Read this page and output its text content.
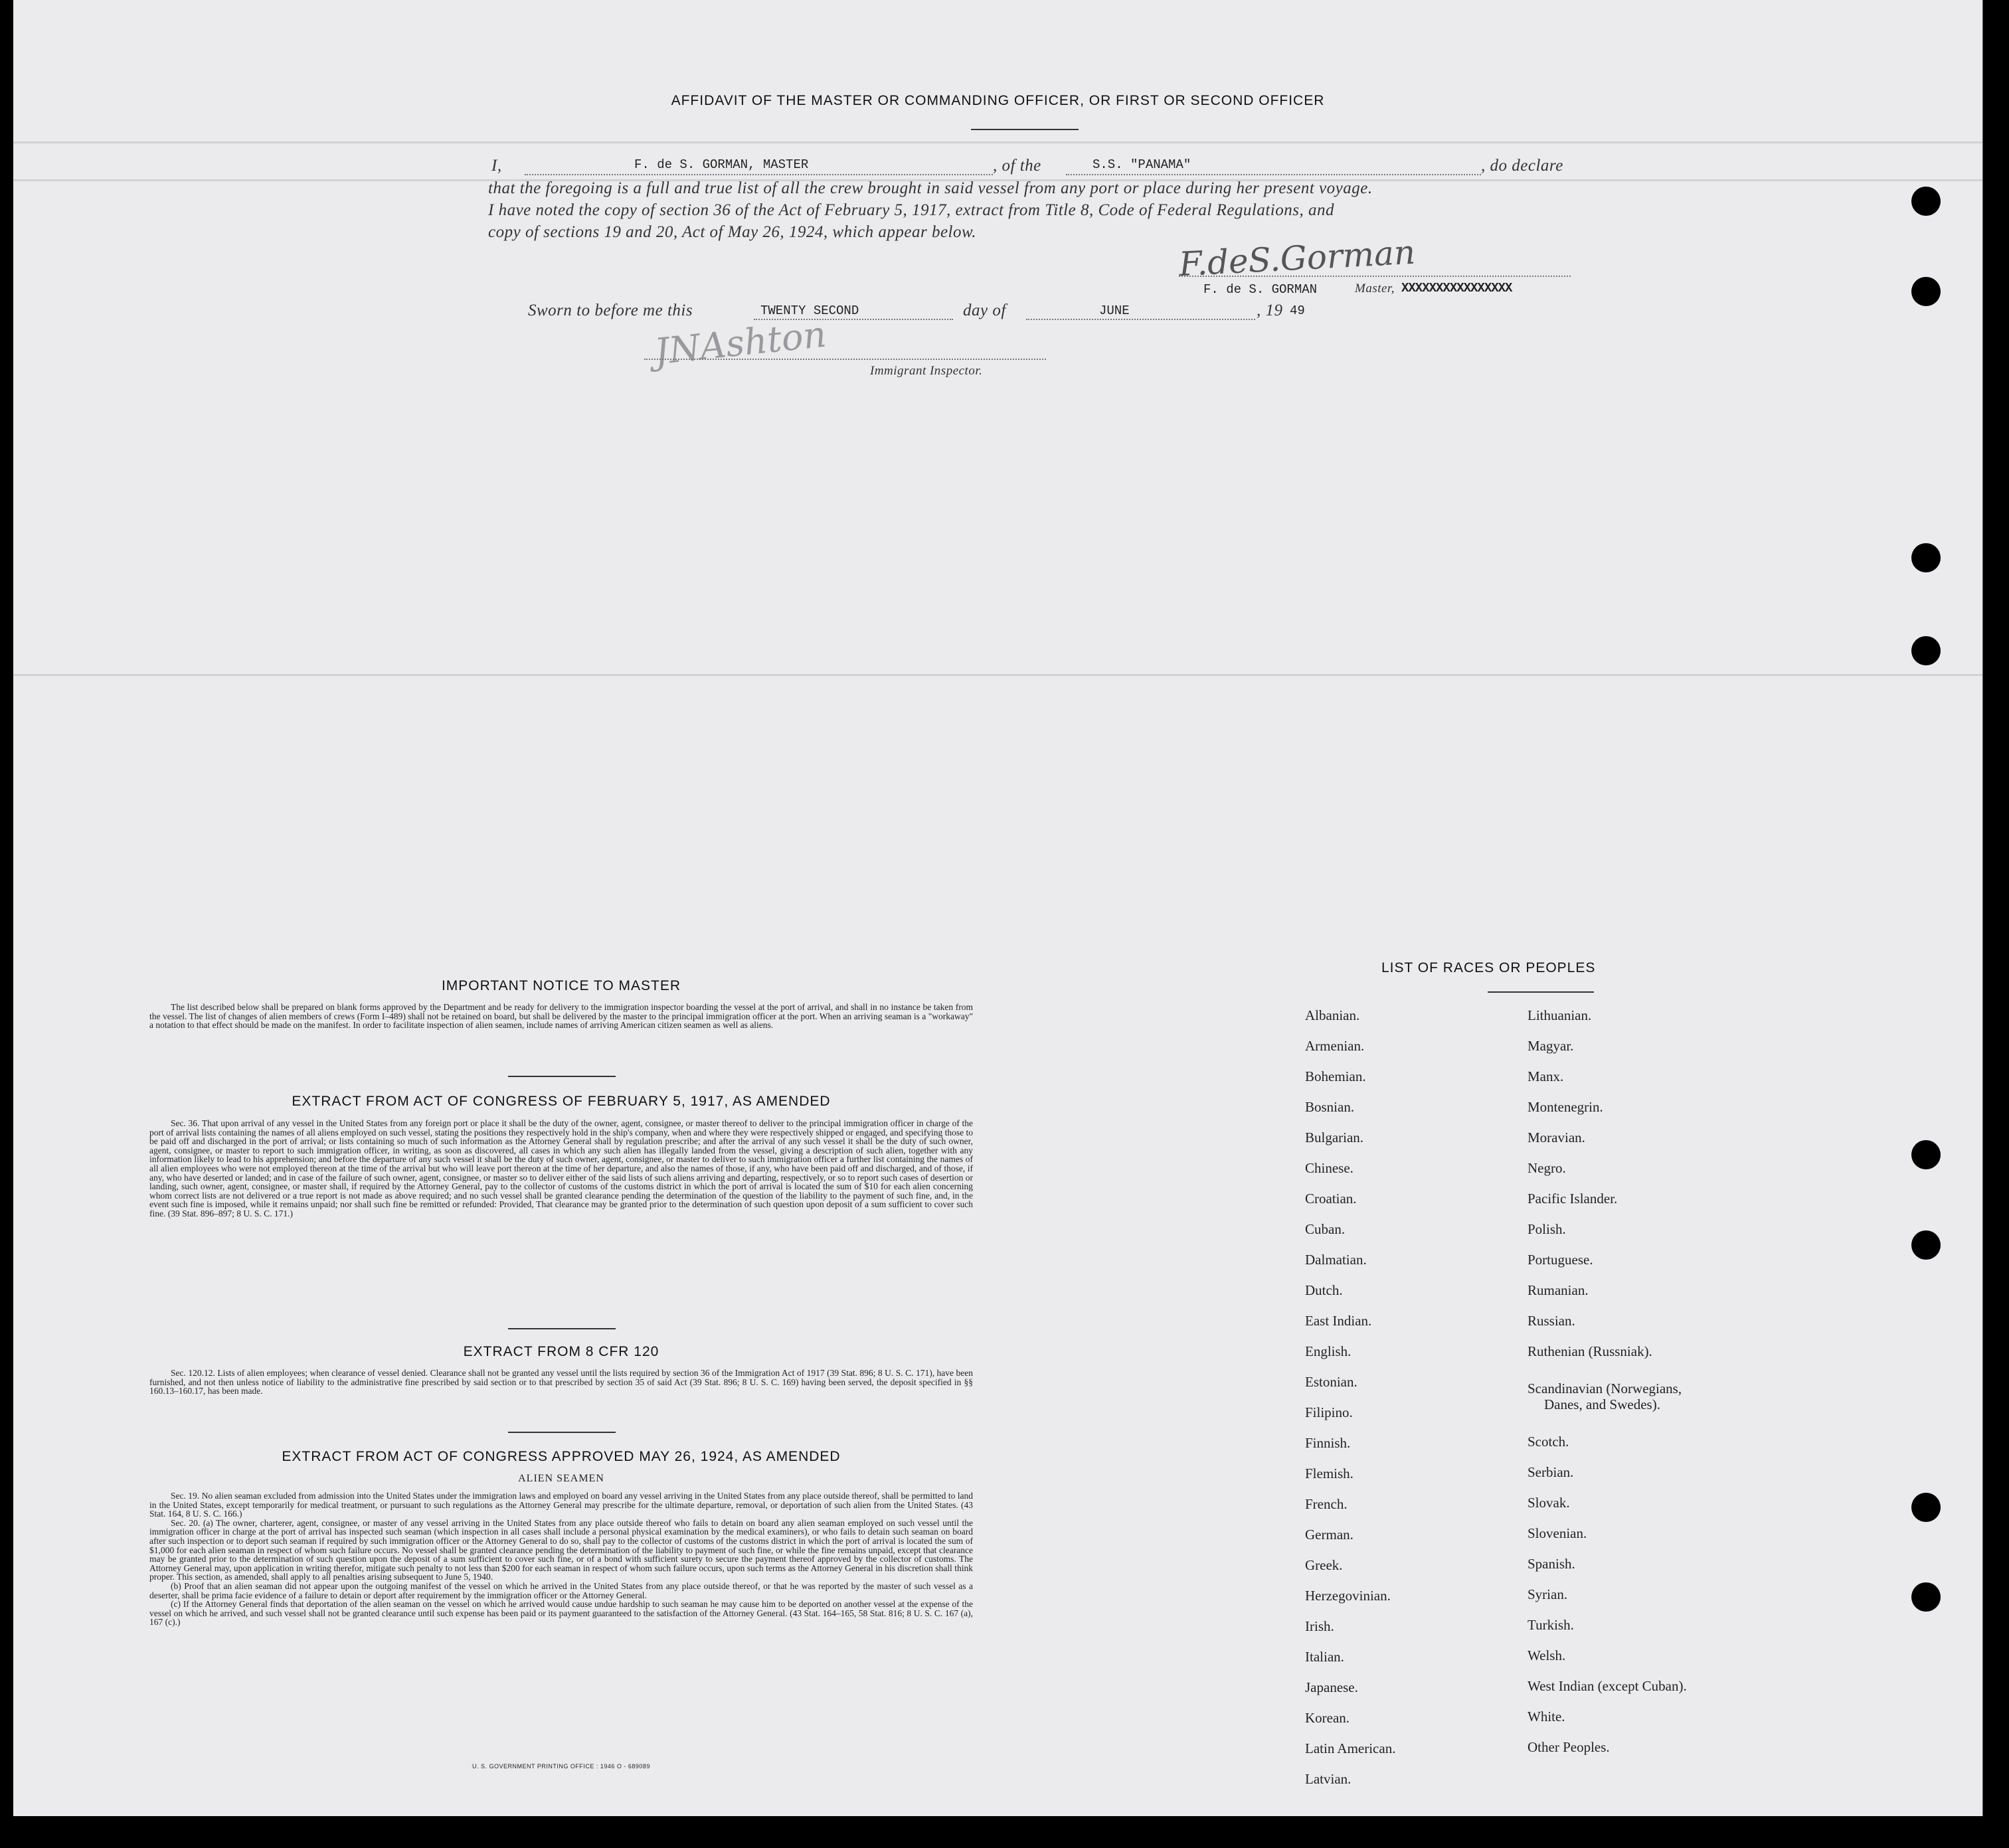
AFFIDAVIT OF THE MASTER OR COMMANDING OFFICER, OR FIRST OR SECOND OFFICER
I,	F. de S. GORMAN, MASTER	, of the	S.S. "PANAMA"	, do declare
that the foregoing is a full and true list of all the crew brought in said vessel from any port or place during her present voyage.
I have noted the copy of section 36 of the Act of February 5, 1917, extract from Title 8, Code of Federal Regulations, and
copy of sections 19 and 20, Act of May 26, 1924, which appear below.
F.deS.Gorman
F. de S. GORMAN	Master, XXXXXXXXXXXXXXXX
Sworn to before me this	TWENTY SECOND	day of	JUNE	, 19 49
JNAshton	Immigrant Inspector.
IMPORTANT NOTICE TO MASTER

The list described below shall be prepared on blank forms approved by the Department and be ready for delivery to the immigration inspector boarding the vessel at the port of arrival, and shall in no instance be taken from the vessel. The list of changes of alien members of crews (Form I–489) shall not be retained on board, but shall be delivered by the master to the principal immigration officer at the port. When an arriving seaman is a "workaway" a notation to that effect should be made on the manifest. In order to facilitate inspection of alien seamen, include names of arriving American citizen seamen as well as aliens.

EXTRACT FROM ACT OF CONGRESS OF FEBRUARY 5, 1917, AS AMENDED

Sec. 36. That upon arrival of any vessel in the United States from any foreign port or place it shall be the duty of the owner, agent, consignee, or master thereof to deliver to the principal immigration officer in charge of the port of arrival lists containing the names of all aliens employed on such vessel, stating the positions they respectively hold in the ship's company, when and where they were respectively shipped or engaged, and specifying those to be paid off and discharged in the port of arrival; or lists containing so much of such information as the Attorney General shall by regulation prescribe; and after the arrival of any such vessel it shall be the duty of such owner, agent, consignee, or master to report to such immigration officer, in writing, as soon as discovered, all cases in which any such alien has illegally landed from the vessel, giving a description of such alien, together with any information likely to lead to his apprehension; and before the departure of any such vessel it shall be the duty of such owner, agent, consignee, or master to deliver to such immigration officer a further list containing the names of all alien employees who were not employed thereon at the time of the arrival but who will leave port thereon at the time of her departure, and also the names of those, if any, who have been paid off and discharged, and of those, if any, who have deserted or landed; and in case of the failure of such owner, agent, consignee, or master so to deliver either of the said lists of such aliens arriving and departing, respectively, or so to report such cases of desertion or landing, such owner, agent, consignee, or master shall, if required by the Attorney General, pay to the collector of customs of the customs district in which the port of arrival is located the sum of $10 for each alien concerning whom correct lists are not delivered or a true report is not made as above required; and no such vessel shall be granted clearance pending the determination of the question of the liability to the payment of such fine, and, in the event such fine is imposed, while it remains unpaid; nor shall such fine be remitted or refunded: Provided, That clearance may be granted prior to the determination of such question upon deposit of a sum sufficient to cover such fine. (39 Stat. 896–897; 8 U. S. C. 171.)

EXTRACT FROM 8 CFR 120

Sec. 120.12. Lists of alien employees; when clearance of vessel denied. Clearance shall not be granted any vessel until the lists required by section 36 of the Immigration Act of 1917 (39 Stat. 896; 8 U. S. C. 171), have been furnished, and not then unless notice of liability to the administrative fine prescribed by said section or to that prescribed by section 35 of said Act (39 Stat. 896; 8 U. S. C. 169) having been served, the deposit specified in §§ 160.13–160.17, has been made.

EXTRACT FROM ACT OF CONGRESS APPROVED MAY 26, 1924, AS AMENDED
ALIEN SEAMEN

Sec. 19. No alien seaman excluded from admission into the United States under the immigration laws and employed on board any vessel arriving in the United States from any place outside thereof, shall be permitted to land in the United States, except temporarily for medical treatment, or pursuant to such regulations as the Attorney General may prescribe for the ultimate departure, removal, or deportation of such alien from the United States. (43 Stat. 164, 8 U. S. C. 166.)

Sec. 20. (a) The owner, charterer, agent, consignee, or master of any vessel arriving in the United States from any place outside thereof who fails to detain on board any alien seaman employed on such vessel until the immigration officer in charge at the port of arrival has inspected such seaman (which inspection in all cases shall include a personal physical examination by the medical examiners), or who fails to detain such seaman on board after such inspection or to deport such seaman if required by such immigration officer or the Attorney General to do so, shall pay to the collector of customs of the customs district in which the port of arrival is located the sum of $1,000 for each alien seaman in respect of whom such failure occurs. No vessel shall be granted clearance pending the determination of the liability to payment of such fine, or while the fine remains unpaid, except that clearance may be granted prior to the determination of such question upon the deposit of a sum sufficient to cover such fine, or of a bond with sufficient surety to secure the payment thereof approved by the collector of customs. The Attorney General may, upon application in writing therefor, mitigate such penalty to not less than $200 for each seaman in respect of whom such failure occurs, upon such terms as the Attorney General in his discretion shall think proper. This section, as amended, shall apply to all penalties arising subsequent to June 5, 1940.

(b) Proof that an alien seaman did not appear upon the outgoing manifest of the vessel on which he arrived in the United States from any place outside thereof, or that he was reported by the master of such vessel as a deserter, shall be prima facie evidence of a failure to detain or deport after requirement by the immigration officer or the Attorney General.

(c) If the Attorney General finds that deportation of the alien seaman on the vessel on which he arrived would cause undue hardship to such seaman he may cause him to be deported on another vessel at the expense of the vessel on which he arrived, and such vessel shall not be granted clearance until such expense has been paid or its payment guaranteed to the satisfaction of the Attorney General. (43 Stat. 164–165, 58 Stat. 816; 8 U. S. C. 167 (a), 167 (c).)

U. S. GOVERNMENT PRINTING OFFICE : 1946 O - 689089
LIST OF RACES OR PEOPLES
Albanian.
Armenian.
Bohemian.
Bosnian.
Bulgarian.
Chinese.
Croatian.
Cuban.
Dalmatian.
Dutch.
East Indian.
English.
Estonian.
Filipino.
Finnish.
Flemish.
French.
German.
Greek.
Herzegovinian.
Irish.
Italian.
Japanese.
Korean.
Latin American.
Latvian.
Lithuanian.
Magyar.
Manx.
Montenegrin.
Moravian.
Negro.
Pacific Islander.
Polish.
Portuguese.
Rumanian.
Russian.
Ruthenian (Russniak).
Scandinavian (Norwegians,
Danes, and Swedes).
Scotch.
Serbian.
Slovak.
Slovenian.
Spanish.
Syrian.
Turkish.
Welsh.
West Indian (except Cuban).
White.
Other Peoples.
